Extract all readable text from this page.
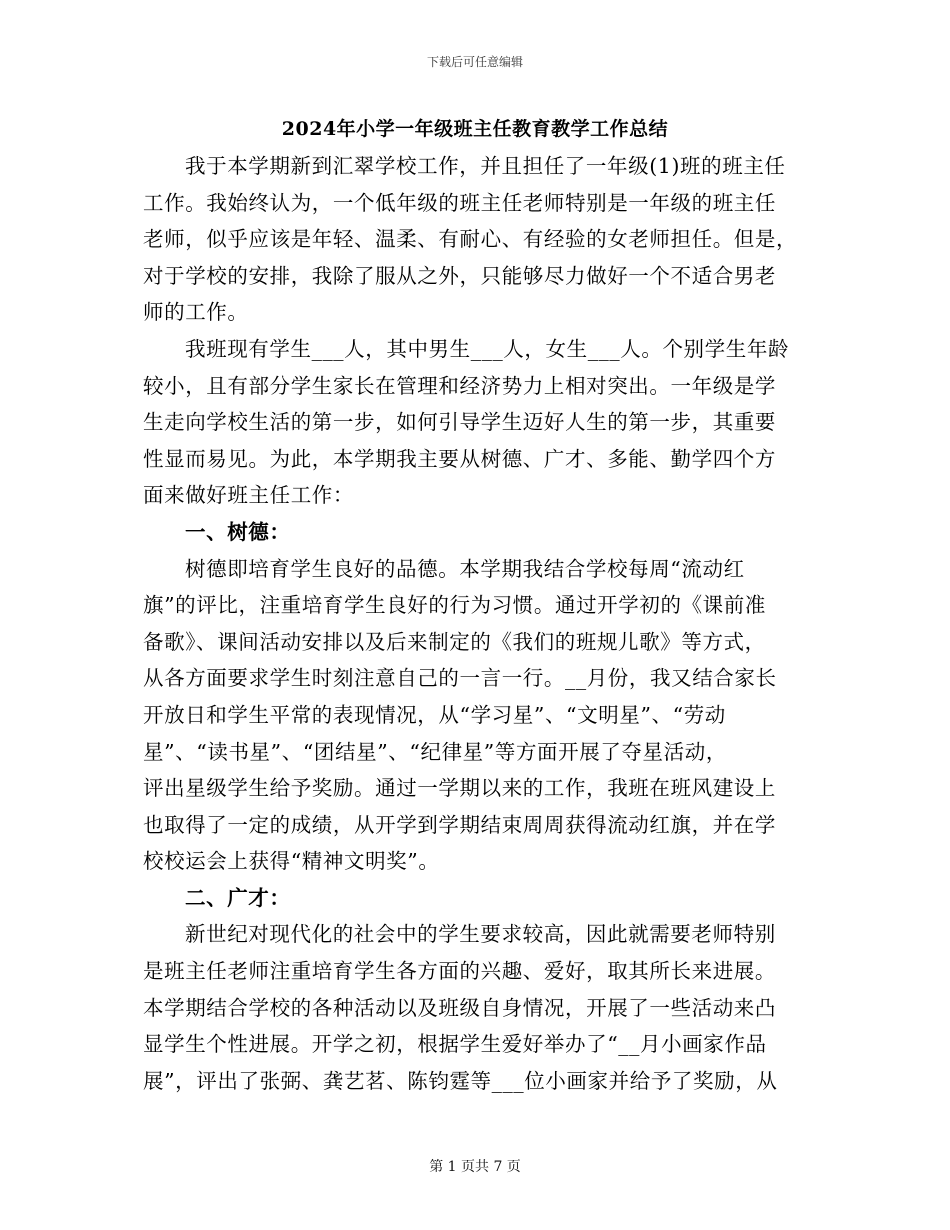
下载后可任意编辑
2024年小学一年级班主任教育教学工作总结
我于本学期新到汇翠学校工作，并且担任了一年级(1)班的班主任
工作。我始终认为，一个低年级的班主任老师特别是一年级的班主任
老师，似乎应该是年轻、温柔、有耐心、有经验的女老师担任。但是，
对于学校的安排，我除了服从之外，只能够尽力做好一个不适合男老
师的工作。
我班现有学生___人，其中男生___人，女生___人。个别学生年龄
较小，且有部分学生家长在管理和经济势力上相对突出。一年级是学
生走向学校生活的第一步，如何引导学生迈好人生的第一步，其重要
性显而易见。为此，本学期我主要从树德、广才、多能、勤学四个方
面来做好班主任工作：
一、树德：
树德即培育学生良好的品德。本学期我结合学校每周“流动红
旗”的评比，注重培育学生良好的行为习惯。通过开学初的《课前准
备歌》、课间活动安排以及后来制定的《我们的班规儿歌》等方式，
从各方面要求学生时刻注意自己的一言一行。__月份，我又结合家长
开放日和学生平常的表现情况，从“学习星”、“文明星”、“劳动
星”、“读书星”、“团结星”、“纪律星”等方面开展了夺星活动，
评出星级学生给予奖励。通过一学期以来的工作，我班在班风建设上
也取得了一定的成绩，从开学到学期结束周周获得流动红旗，并在学
校校运会上获得“精神文明奖”。
二、广才：
新世纪对现代化的社会中的学生要求较高，因此就需要老师特别
是班主任老师注重培育学生各方面的兴趣、爱好，取其所长来进展。
本学期结合学校的各种活动以及班级自身情况，开展了一些活动来凸
显学生个性进展。开学之初，根据学生爱好举办了“__月小画家作品
展”，评出了张弼、龚艺茗、陈钧霆等___位小画家并给予了奖励，从
第 1 页共 7 页
